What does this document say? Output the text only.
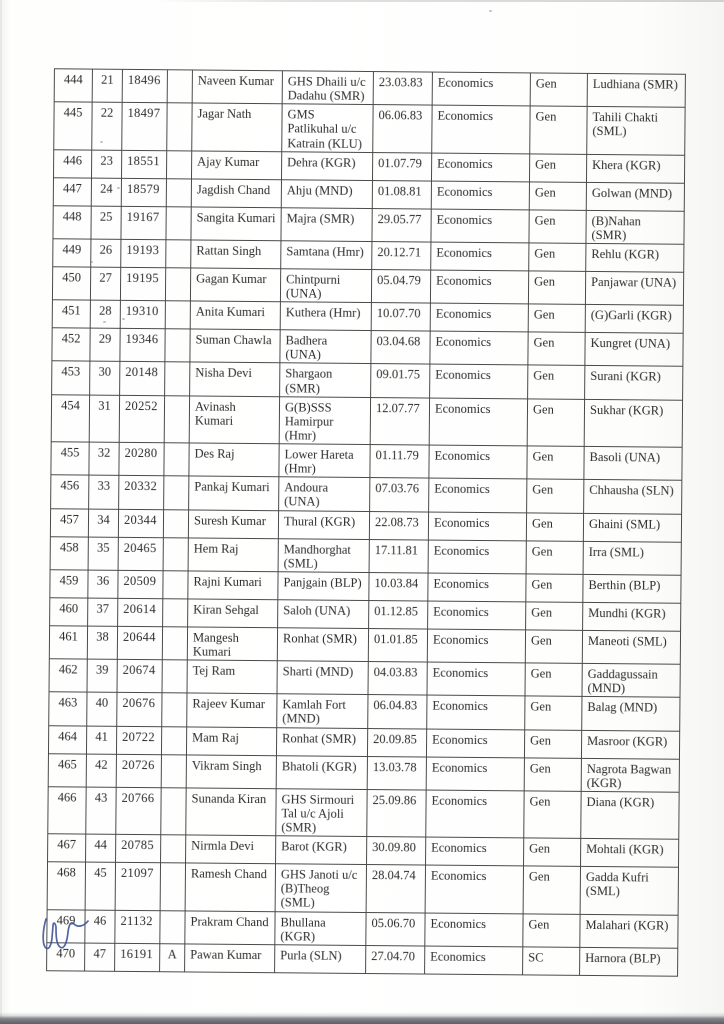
444	21	18496		Naveen Kumar	GHS Dhaili u/c Dadahu (SMR)	23.03.83	Economics	Gen	Ludhiana (SMR)
445	22	18497		Jagar Nath	GMS Patlikuhal u/c Katrain (KLU)	06.06.83	Economics	Gen	Tahili Chakti (SML)
446	23	18551		Ajay Kumar	Dehra (KGR)	01.07.79	Economics	Gen	Khera (KGR)
447	24	18579		Jagdish Chand	Ahju (MND)	01.08.81	Economics	Gen	Golwan (MND)
448	25	19167		Sangita Kumari	Majra (SMR)	29.05.77	Economics	Gen	(B)Nahan (SMR)
449	26	19193		Rattan Singh	Samtana (Hmr)	20.12.71	Economics	Gen	Rehlu (KGR)
450	27	19195		Gagan Kumar	Chintpurni (UNA)	05.04.79	Economics	Gen	Panjawar (UNA)
451	28	19310		Anita Kumari	Kuthera (Hmr)	10.07.70	Economics	Gen	(G)Garli (KGR)
452	29	19346		Suman Chawla	Badhera (UNA)	03.04.68	Economics	Gen	Kungret (UNA)
453	30	20148		Nisha Devi	Shargaon (SMR)	09.01.75	Economics	Gen	Surani (KGR)
454	31	20252		Avinash Kumari	G(B)SSS Hamirpur (Hmr)	12.07.77	Economics	Gen	Sukhar (KGR)
455	32	20280		Des Raj	Lower Hareta (Hmr)	01.11.79	Economics	Gen	Basoli (UNA)
456	33	20332		Pankaj Kumari	Andoura (UNA)	07.03.76	Economics	Gen	Chhausha (SLN)
457	34	20344		Suresh Kumar	Thural (KGR)	22.08.73	Economics	Gen	Ghaini (SML)
458	35	20465		Hem Raj	Mandhorghat (SML)	17.11.81	Economics	Gen	Irra (SML)
459	36	20509		Rajni Kumari	Panjgain (BLP)	10.03.84	Economics	Gen	Berthin (BLP)
460	37	20614		Kiran Sehgal	Saloh (UNA)	01.12.85	Economics	Gen	Mundhi (KGR)
461	38	20644		Mangesh Kumari	Ronhat (SMR)	01.01.85	Economics	Gen	Maneoti (SML)
462	39	20674		Tej Ram	Sharti (MND)	04.03.83	Economics	Gen	Gaddagussain (MND)
463	40	20676		Rajeev Kumar	Kamlah Fort (MND)	06.04.83	Economics	Gen	Balag (MND)
464	41	20722		Mam Raj	Ronhat (SMR)	20.09.85	Economics	Gen	Masroor (KGR)
465	42	20726		Vikram Singh	Bhatoli (KGR)	13.03.78	Economics	Gen	Nagrota Bagwan (KGR)
466	43	20766		Sunanda Kiran	GHS Sirmouri Tal u/c Ajoli (SMR)	25.09.86	Economics	Gen	Diana (KGR)
467	44	20785		Nirmla Devi	Barot (KGR)	30.09.80	Economics	Gen	Mohtali (KGR)
468	45	21097		Ramesh Chand	GHS Janoti u/c (B)Theog (SML)	28.04.74	Economics	Gen	Gadda Kufri (SML)
469	46	21132		Prakram Chand	Bhullana (KGR)	05.06.70	Economics	Gen	Malahari (KGR)
470	47	16191	A	Pawan Kumar	Purla (SLN)	27.04.70	Economics	SC	Harnora (BLP)
